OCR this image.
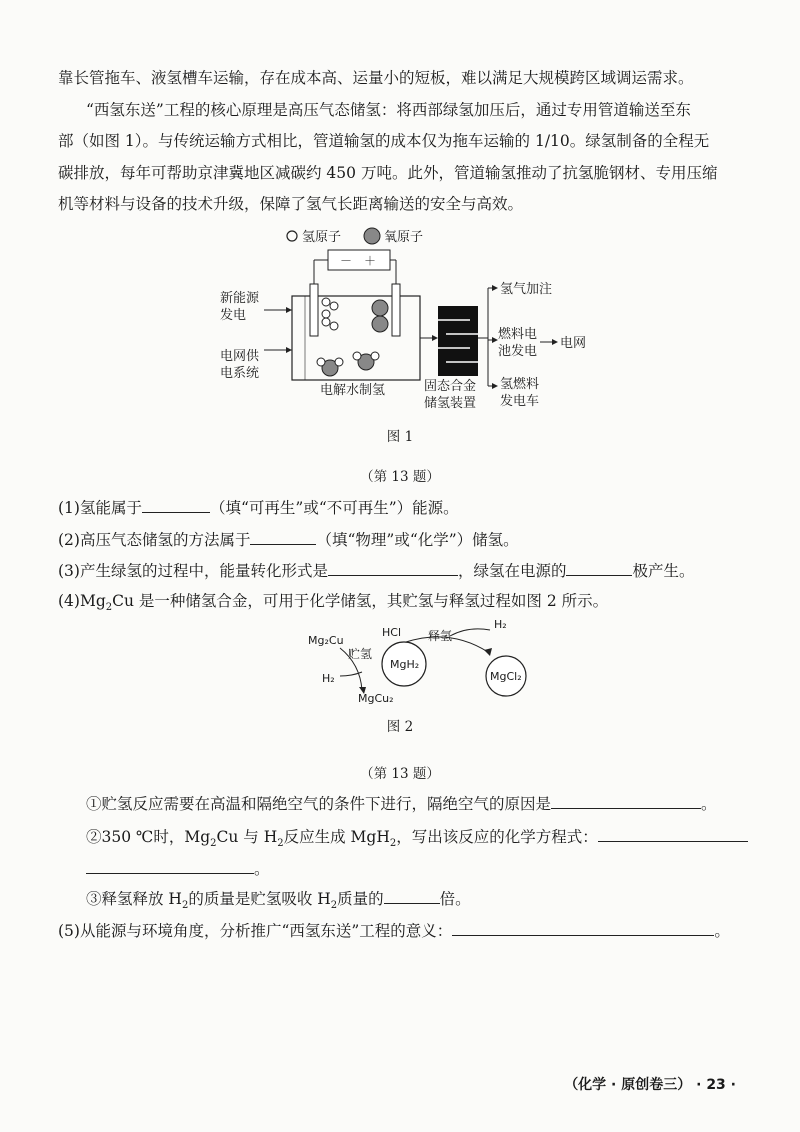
靠长管拖车、液氢槽车运输，存在成本高、运量小的短板，难以满足大规模跨区域调运需求。
“西氢东送”工程的核心原理是高压气态储氢：将西部绿氢加压后，通过专用管道输送至东
部（如图 1）。与传统运输方式相比，管道输氢的成本仅为拖车运输的 1/10。绿氢制备的全程无
碳排放，每年可帮助京津冀地区减碳约 450 万吨。此外，管道输氢推动了抗氢脆钢材、专用压缩
机等材料与设备的技术升级，保障了氢气长距离输送的安全与高效。
氢原子	氧原子
－　＋
电解水制氢
新能源
发电
电网供
电系统
固态合金
储氢装置
氢气加注
燃料电
池发电
电网
氢燃料
发电车
图 1
（第 13 题）
(1)氢能属于	（填“可再生”或“不可再生”）能源。
(2)高压气态储氢的方法属于	（填“物理”或“化学”）储氢。
(3)产生绿氢的过程中，能量转化形式是	，绿氢在电源的	极产生。
$(4)Mg_2Cu$ 是一种储氢合金，可用于化学储氢，其贮氢与释氢过程如图 2 所示。
Mg₂Cu
H₂
贮氢
MgCu₂
MgH₂
HCl 释氢
H₂
MgCl₂
图 2
（第 13 题）
①贮氢反应需要在高温和隔绝空气的条件下进行，隔绝空气的原因是	。
②350 ℃时，$Mg_2Cu$ 与 $H_2$反应生成 MgH$_2$，写出该反应的化学方程式：
。
③释氢释放 $H_2$的质量是贮氢吸收 $H_2$质量的	倍。
(5)从能源与环境角度，分析推广“西氢东送”工程的意义：	。
（化学 · 原创卷三） · 23 ·
